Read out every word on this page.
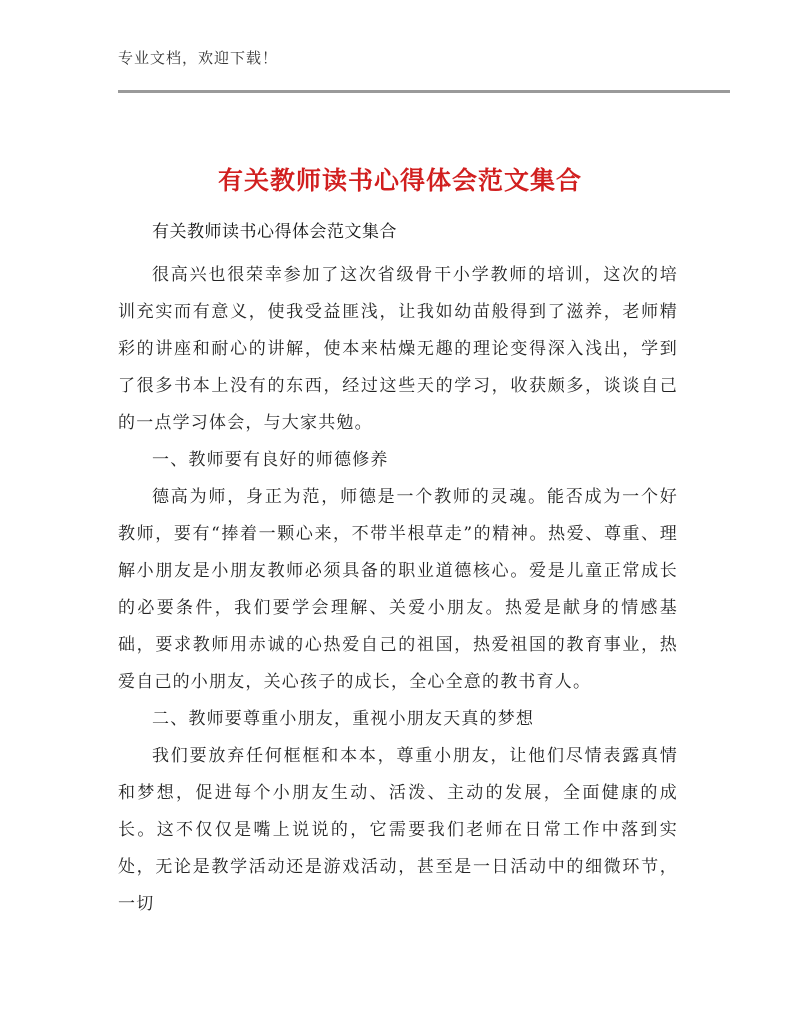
专业文档，欢迎下载！
有关教师读书心得体会范文集合
有关教师读书心得体会范文集合

很高兴也很荣幸参加了这次省级骨干小学教师的培训，这次的培训充实而有意义，使我受益匪浅，让我如幼苗般得到了滋养，老师精彩的讲座和耐心的讲解，使本来枯燥无趣的理论变得深入浅出，学到了很多书本上没有的东西，经过这些天的学习，收获颇多，谈谈自己的一点学习体会，与大家共勉。

一、教师要有良好的师德修养

德高为师，身正为范，师德是一个教师的灵魂。能否成为一个好教师，要有“捧着一颗心来，不带半根草走”的精神。热爱、尊重、理解小朋友是小朋友教师必须具备的职业道德核心。爱是儿童正常成长的必要条件，我们要学会理解、关爱小朋友。热爱是献身的情感基础，要求教师用赤诚的心热爱自己的祖国，热爱祖国的教育事业，热爱自己的小朋友，关心孩子的成长，全心全意的教书育人。

二、教师要尊重小朋友，重视小朋友天真的梦想

我们要放弃任何框框和本本，尊重小朋友，让他们尽情表露真情和梦想，促进每个小朋友生动、活泼、主动的发展，全面健康的成长。这不仅仅是嘴上说说的，它需要我们老师在日常工作中落到实处，无论是教学活动还是游戏活动，甚至是一日活动中的细微环节，一切
